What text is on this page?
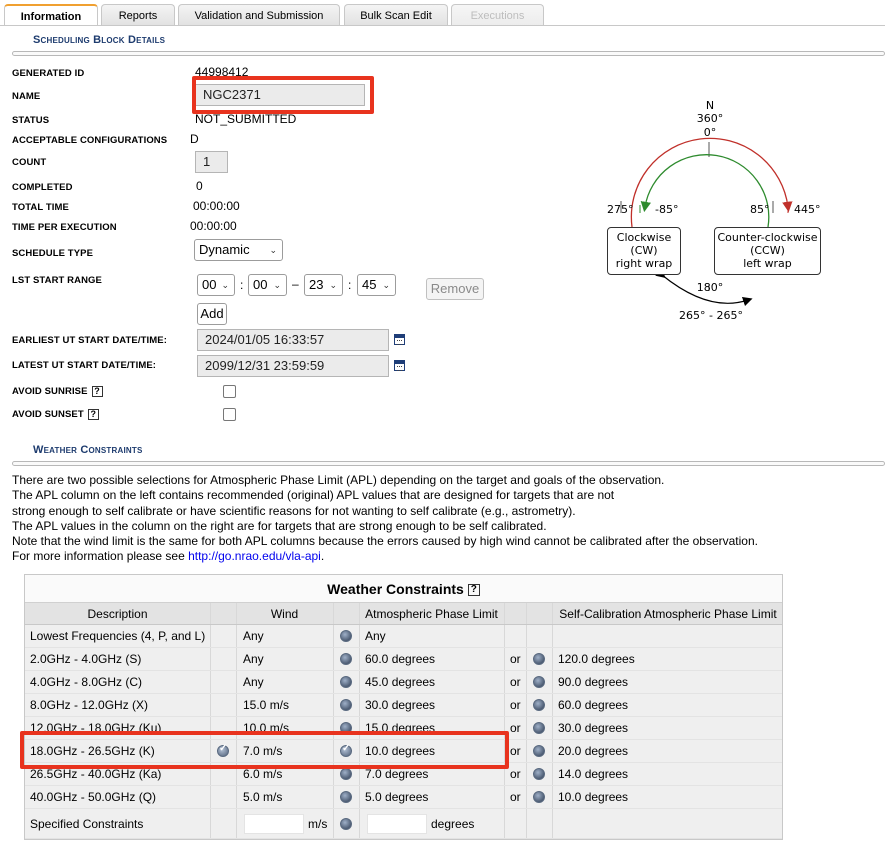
Information	Reports	Validation and Submission	Bulk Scan Edit	Executions
Scheduling Block Details
GENERATED ID	44998412
NAME	NGC2371
STATUS	NOT_SUBMITTED
ACCEPTABLE CONFIGURATIONS D
COUNT	1
COMPLETED	0
TOTAL TIME	00:00:00
TIME PER EXECUTION	00:00:00
SCHEDULE TYPE	Dynamic ⌄
LST START RANGE	00 ⌄ : 00 ⌄ – 23 ⌄ : 45 ⌄	Remove
Add
EARLIEST UT START DATE/TIME:	2024/01/05 16:33:57
LATEST UT START DATE/TIME:	2099/12/31 23:59:59
AVOID SUNRISE ?
AVOID SUNSET ?
N
360°
0°
275° -85°	85° 445°
Clockwise
(CW)
right wrap
Counter-clockwise
(CCW)
left wrap
180°
265° - 265°
Weather Constraints
There are two possible selections for Atmospheric Phase Limit (APL) depending on the target and goals of the observation.
The APL column on the left contains recommended (original) APL values that are designed for targets that are not
strong enough to self calibrate or have scientific reasons for not wanting to self calibrate (e.g., astrometry).
The APL values in the column on the right are for targets that are strong enough to be self calibrated.
Note that the wind limit is the same for both APL columns because the errors caused by high wind cannot be calibrated after the observation.
For more information please see http://go.nrao.edu/vla-api.
Weather Constraints ?
Description	Wind	Atmospheric Phase Limit	Self-Calibration Atmospheric Phase Limit
Lowest Frequencies (4, P, and L)	Any	Any
2.0GHz - 4.0GHz (S)	Any	60.0 degrees	or	120.0 degrees
4.0GHz - 8.0GHz (C)	Any	45.0 degrees	or	90.0 degrees
8.0GHz - 12.0GHz (X)	15.0 m/s	30.0 degrees	or	60.0 degrees
12.0GHz - 18.0GHz (Ku)	10.0 m/s	15.0 degrees	or	30.0 degrees
18.0GHz - 26.5GHz (K) ✓	7.0 m/s ✓	10.0 degrees	or	20.0 degrees
26.5GHz - 40.0GHz (Ka)	6.0 m/s	7.0 degrees	or	14.0 degrees
40.0GHz - 50.0GHz (Q)	5.0 m/s	5.0 degrees	or	10.0 degrees
Specified Constraints	m/s	degrees
